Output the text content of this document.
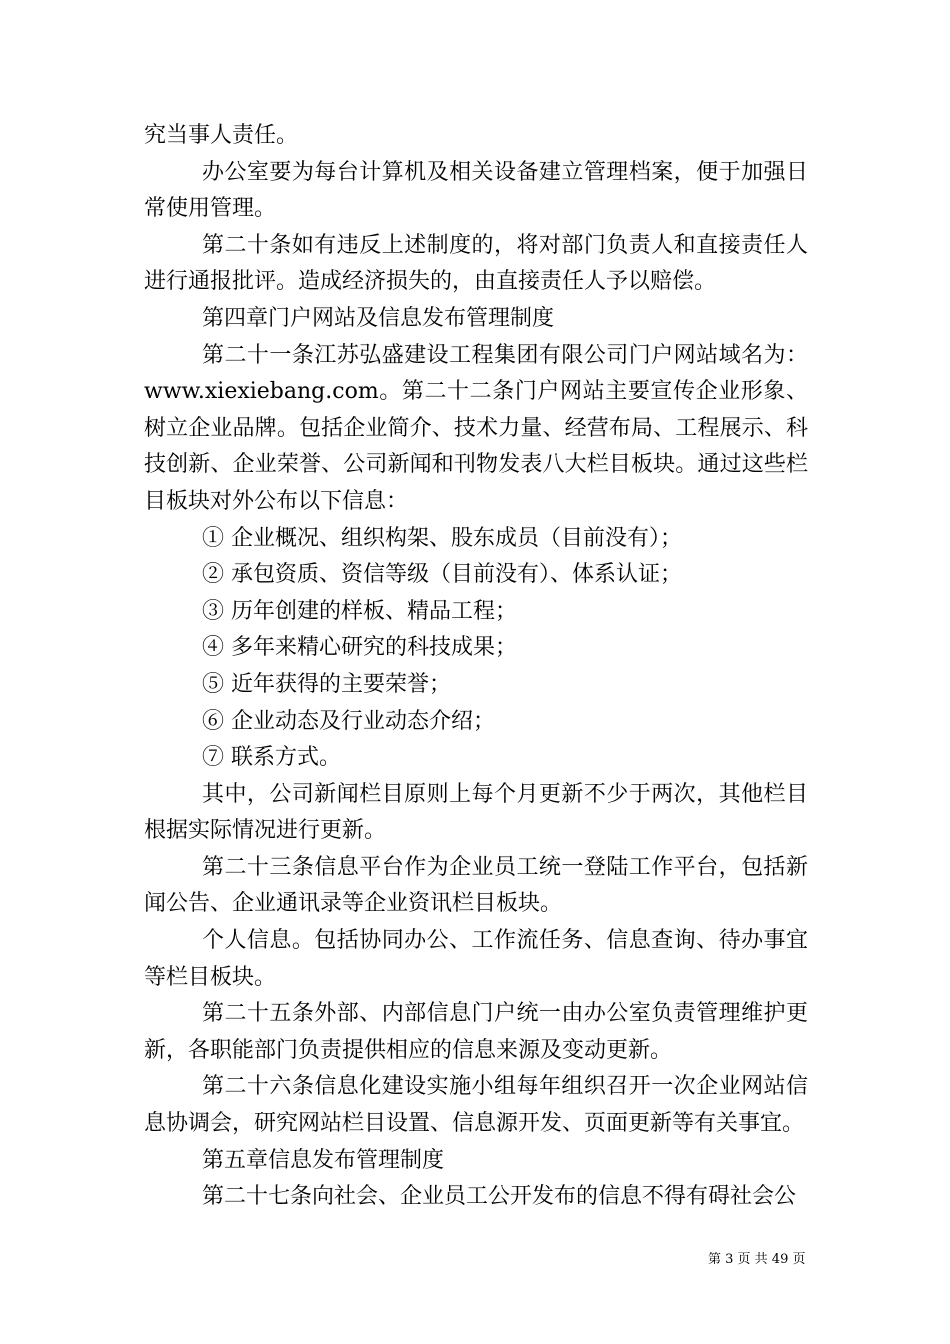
究当事人责任。

办公室要为每台计算机及相关设备建立管理档案，便于加强日常使用管理。

第二十条如有违反上述制度的，将对部门负责人和直接责任人进行通报批评。造成经济损失的，由直接责任人予以赔偿。

第四章门户网站及信息发布管理制度

第二十一条江苏弘盛建设工程集团有限公司门户网站域名为：www.xiexiebang.com。第二十二条门户网站主要宣传企业形象、树立企业品牌。包括企业简介、技术力量、经营布局、工程展示、科技创新、企业荣誉、公司新闻和刊物发表八大栏目板块。通过这些栏目板块对外公布以下信息：

① 企业概况、组织构架、股东成员（目前没有）；

② 承包资质、资信等级（目前没有）、体系认证；

③ 历年创建的样板、精品工程；

④ 多年来精心研究的科技成果；

⑤ 近年获得的主要荣誉；

⑥ 企业动态及行业动态介绍；

⑦ 联系方式。

其中，公司新闻栏目原则上每个月更新不少于两次，其他栏目根据实际情况进行更新。

第二十三条信息平台作为企业员工统一登陆工作平台，包括新闻公告、企业通讯录等企业资讯栏目板块。

个人信息。包括协同办公、工作流任务、信息查询、待办事宜等栏目板块。

第二十五条外部、内部信息门户统一由办公室负责管理维护更新，各职能部门负责提供相应的信息来源及变动更新。

第二十六条信息化建设实施小组每年组织召开一次企业网站信息协调会，研究网站栏目设置、信息源开发、页面更新等有关事宜。

第五章信息发布管理制度

第二十七条向社会、企业员工公开发布的信息不得有碍社会公

第 3 页 共 49 页
